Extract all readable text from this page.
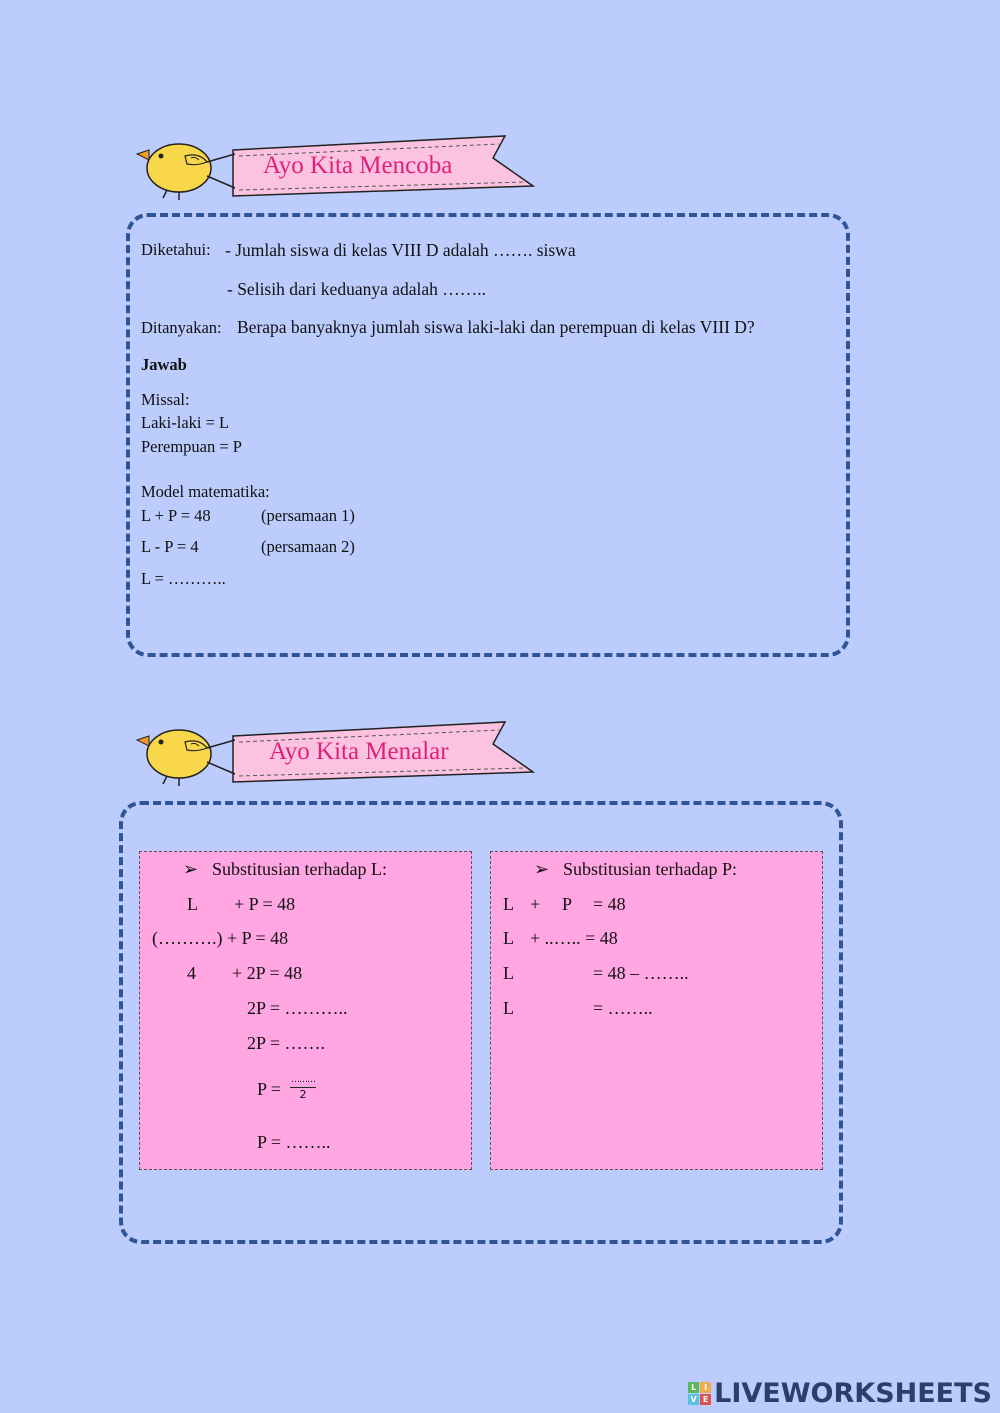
Ayo Kita Mencoba
Diketahui: - Jumlah siswa di kelas VIII D adalah ……. siswa
- Selisih dari keduanya adalah ……..
Ditanyakan: Berapa banyaknya jumlah siswa laki-laki dan perempuan di kelas VIII D?
Jawab
Missal:
Laki-laki = L
Perempuan = P
Model matematika:
L + P = 48	(persamaan 1)
L - P = 4	(persamaan 2)
L = ………..
Ayo Kita Menalar
➢ Substitusian terhadap L:
L + P = 48
(……….) + P = 48
4 + 2P = 48
2P = ………..
2P = …….
P = ………
2
P = ……..
➢ Substitusian terhadap P:
L + P = 48
L + ..….. = 48
L	= 48 – ……..
L	= ……..
L I
V E LIVEWORKSHEETS
